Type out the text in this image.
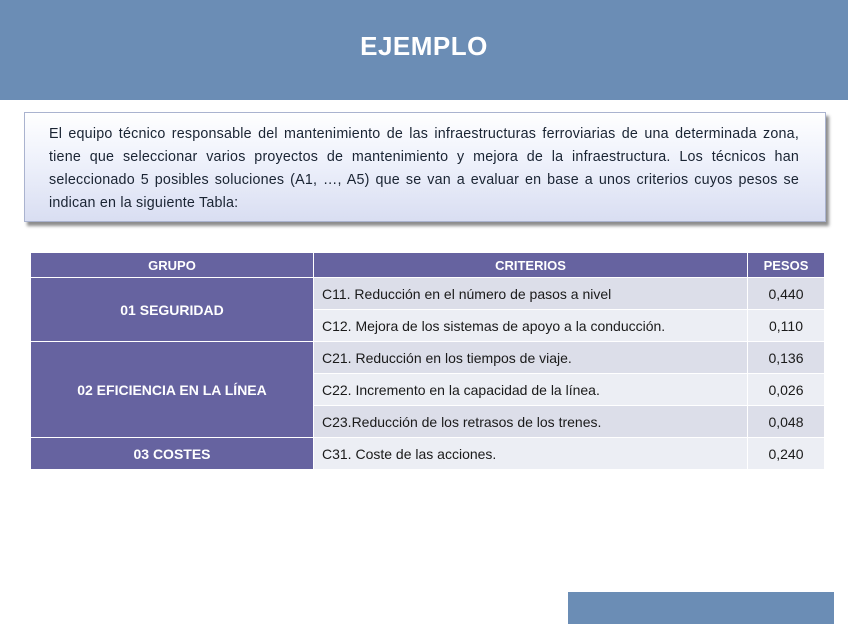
EJEMPLO

El equipo técnico responsable del mantenimiento de las infraestructuras ferroviarias de una determinada zona, tiene que seleccionar varios proyectos de mantenimiento y mejora de la infraestructura. Los técnicos han seleccionado 5 posibles soluciones (A1, …, A5) que se van a evaluar en base a unos criterios cuyos pesos se indican en la siguiente Tabla:

GRUPO	CRITERIOS	PESOS
01 SEGURIDAD	C11. Reducción en el número de pasos a nivel	0,440
	C12. Mejora de los sistemas de apoyo a la conducción.	0,110
02 EFICIENCIA EN LA LÍNEA	C21. Reducción en los tiempos de viaje.	0,136
	C22. Incremento en la capacidad de la línea.	0,026
	C23.Reducción de los retrasos de los trenes.	0,048
03 COSTES	C31. Coste de las acciones.	0,240
